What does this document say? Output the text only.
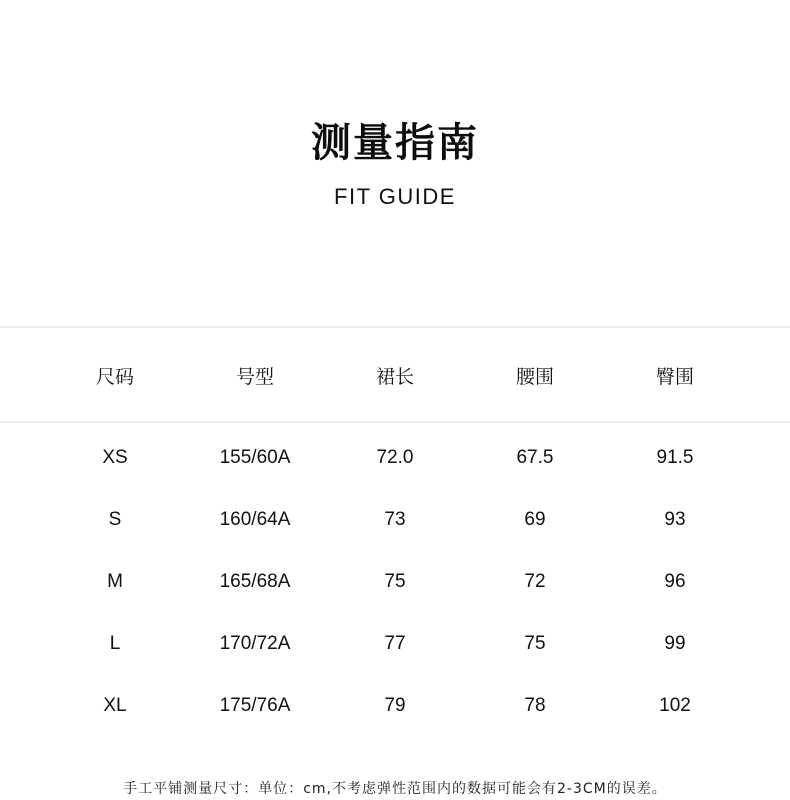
测量指南
FIT GUIDE
尺码	号型	裙长	腰围	臀围
XS	155/60A	72.0	67.5	91.5
S	160/64A	73	69	93
M	165/68A	75	72	96
L	170/72A	77	75	99
XL	175/76A	79	78	102
手工平铺测量尺寸：单位：cm,不考虑弹性范围内的数据可能会有2-3CM的误差。
